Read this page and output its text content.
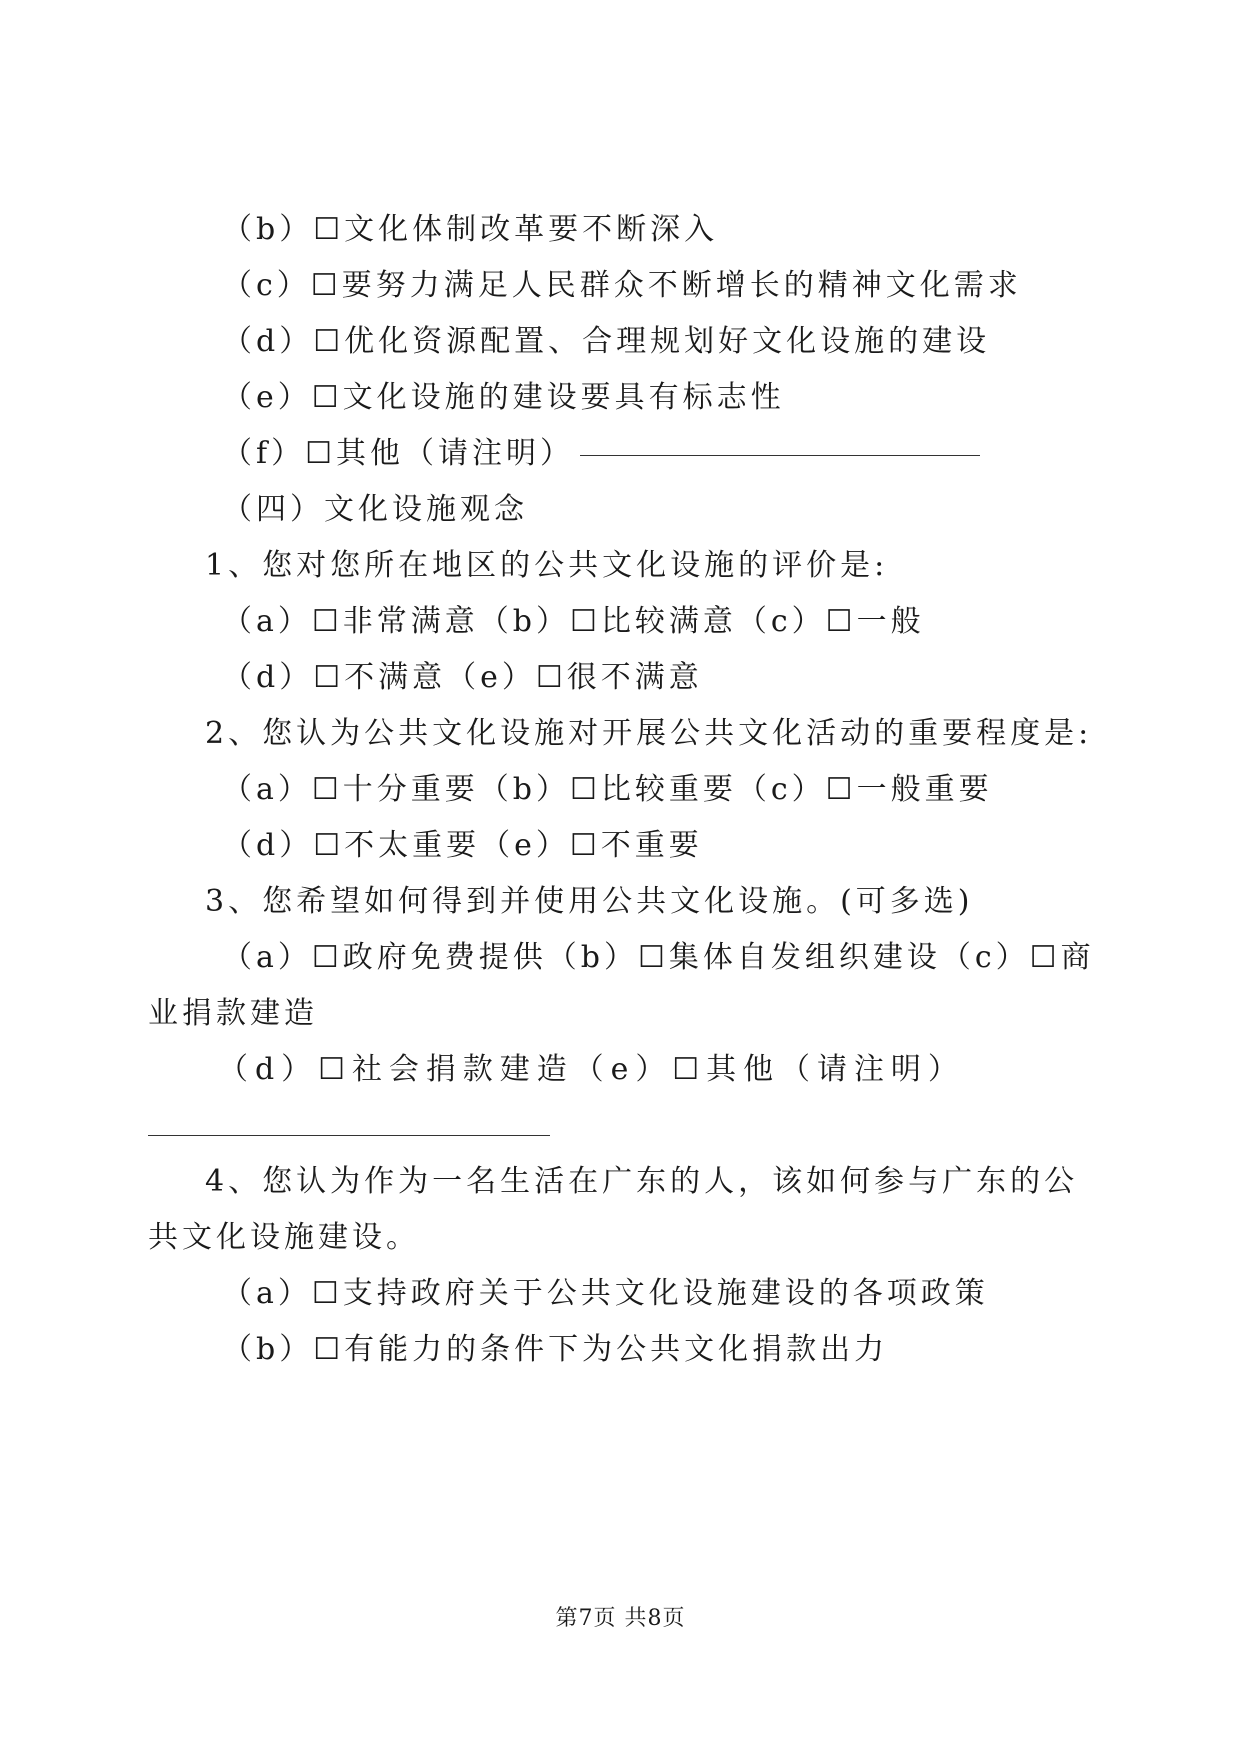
（b）☐文化体制改革要不断深入
（c）☐要努力满足人民群众不断增长的精神文化需求
（d）☐优化资源配置、合理规划好文化设施的建设
（e）☐文化设施的建设要具有标志性
（f）☐其他（请注明）
（四）文化设施观念
1、您对您所在地区的公共文化设施的评价是:
（a）☐非常满意（b）☐比较满意（c）☐一般
（d）☐不满意（e）☐很不满意
2、您认为公共文化设施对开展公共文化活动的重要程度是:
（a）☐十分重要（b）☐比较重要（c）☐一般重要
（d）☐不太重要（e）☐不重要
3、您希望如何得到并使用公共文化设施。(可多选)
（a）☐政府免费提供（b）☐集体自发组织建设（c）☐商
业捐款建造
（ d ） ☐ 社 会 捐 款 建 造 （ e ） ☐ 其 他 （ 请 注 明 ）
4、您认为作为一名生活在广东的人，该如何参与广东的公
共文化设施建设。
（a）☐支持政府关于公共文化设施建设的各项政策
（b）☐有能力的条件下为公共文化捐款出力
第7页 共8页
